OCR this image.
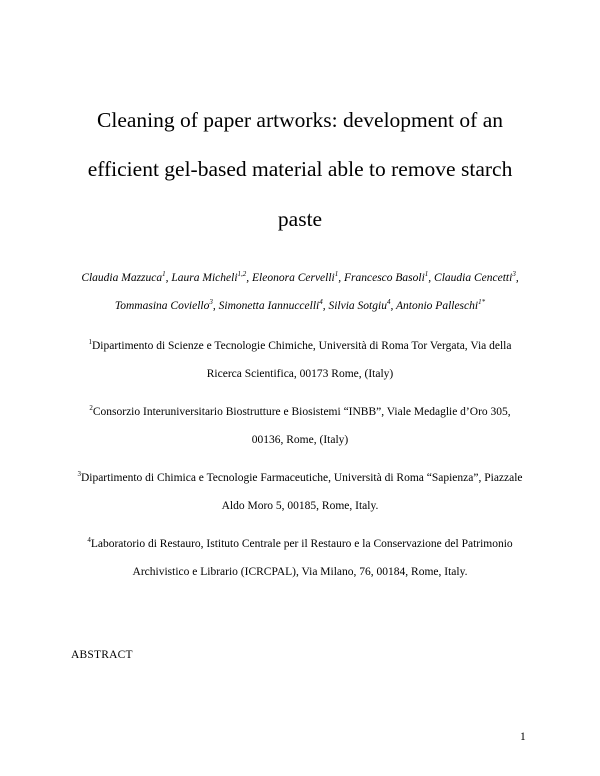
Cleaning of paper artworks: development of an
efficient gel-based material able to remove starch
paste
Claudia Mazzuca$^1$, Laura Micheli$^{1,2}$, Eleonora Cervelli$^1$, Francesco Basoli$^1$, Claudia Cencetti$^3$,
Tommasina Coviello$^3$, Simonetta Iannuccelli$^4$, Silvia Sotgiu$^4$, Antonio Palleschi$^{1*}$
$^1$Dipartimento di Scienze e Tecnologie Chimiche, Università di Roma Tor Vergata, Via della
Ricerca Scientifica, 00173 Rome, (Italy)
$^2$Consorzio Interuniversitario Biostrutture e Biosistemi “INBB”, Viale Medaglie d’Oro 305,
00136, Rome, (Italy)
$^3$Dipartimento di Chimica e Tecnologie Farmaceutiche, Università di Roma “Sapienza”, Piazzale
Aldo Moro 5, 00185, Rome, Italy.
$^4$Laboratorio di Restauro, Istituto Centrale per il Restauro e la Conservazione del Patrimonio
Archivistico e Librario (ICRCPAL), Via Milano, 76, 00184, Rome, Italy.
ABSTRACT
1
